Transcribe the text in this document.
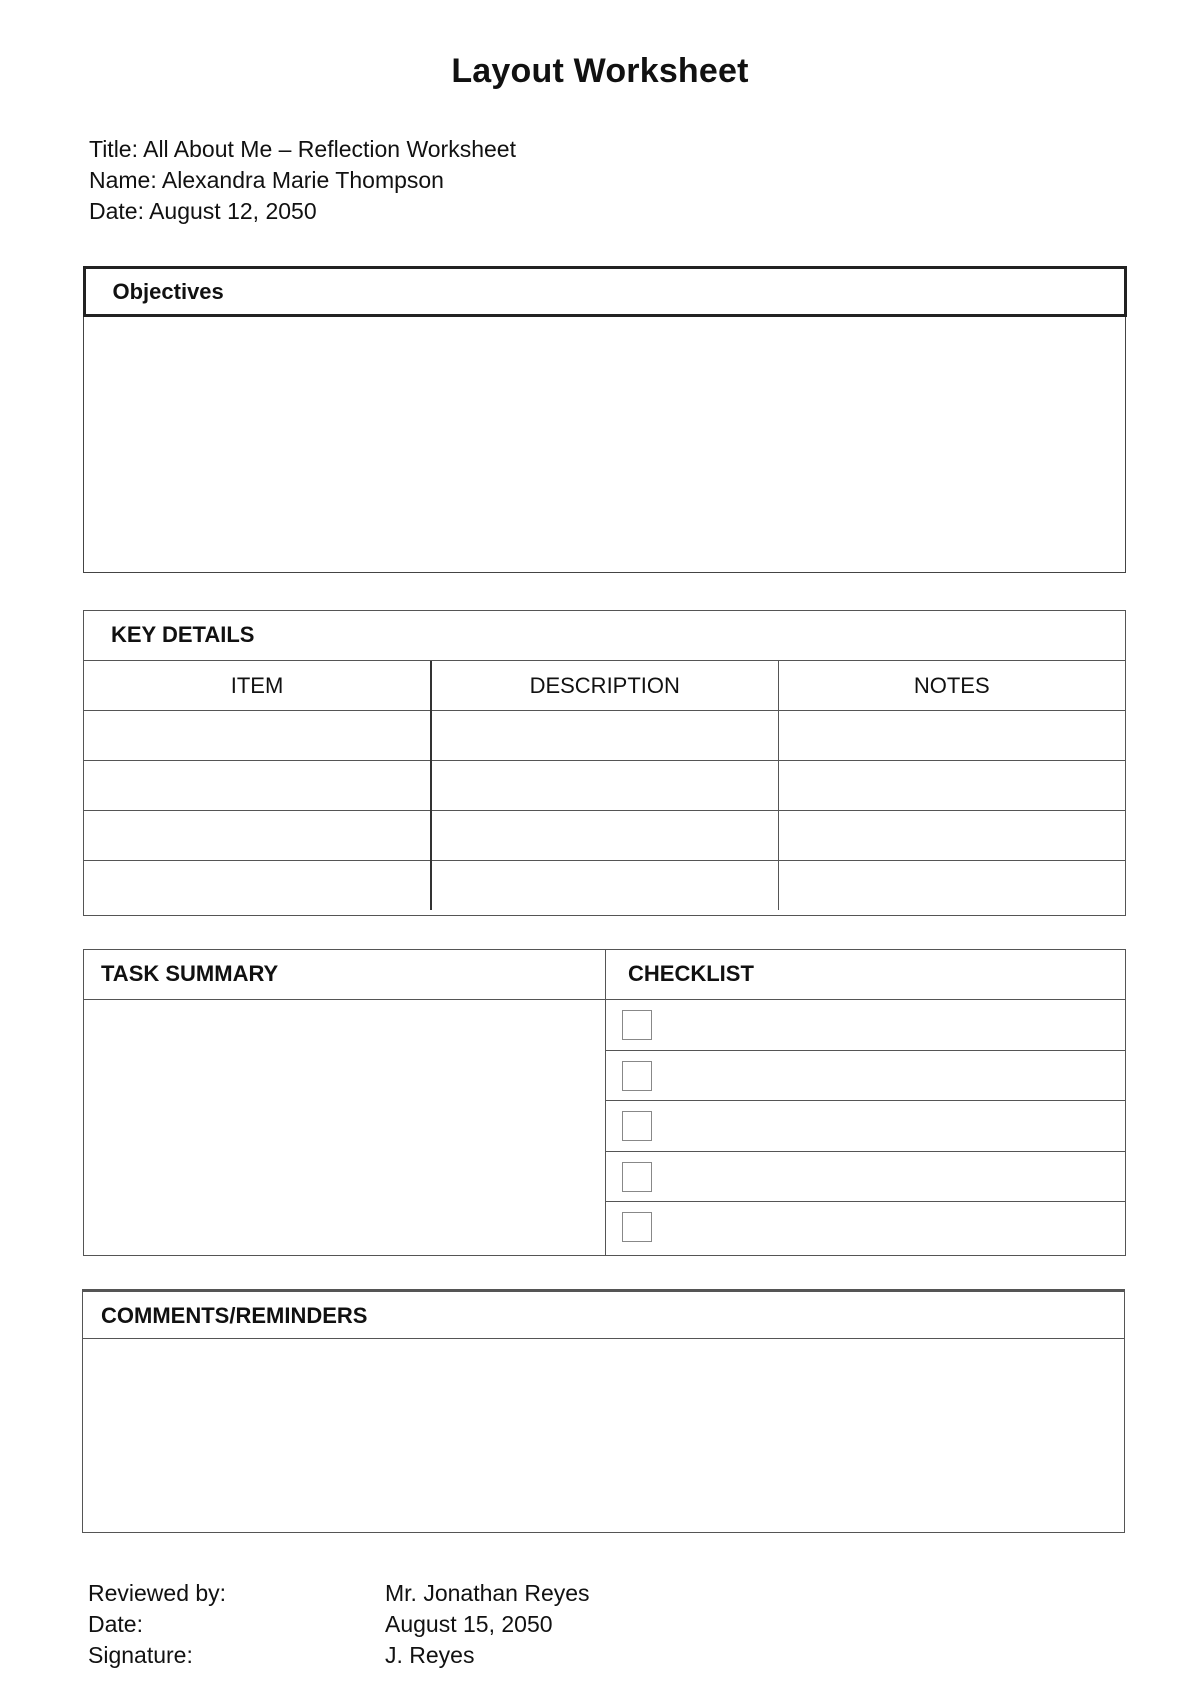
Layout Worksheet
Title: All About Me – Reflection Worksheet
Name: Alexandra Marie Thompson
Date: August 12, 2050
Objectives
KEY DETAILS
ITEM	DESCRIPTION	NOTES

TASK SUMMARY	CHECKLIST
COMMENTS/REMINDERS
Reviewed by:	Mr. Jonathan Reyes
Date:	August 15, 2050
Signature:	J. Reyes
